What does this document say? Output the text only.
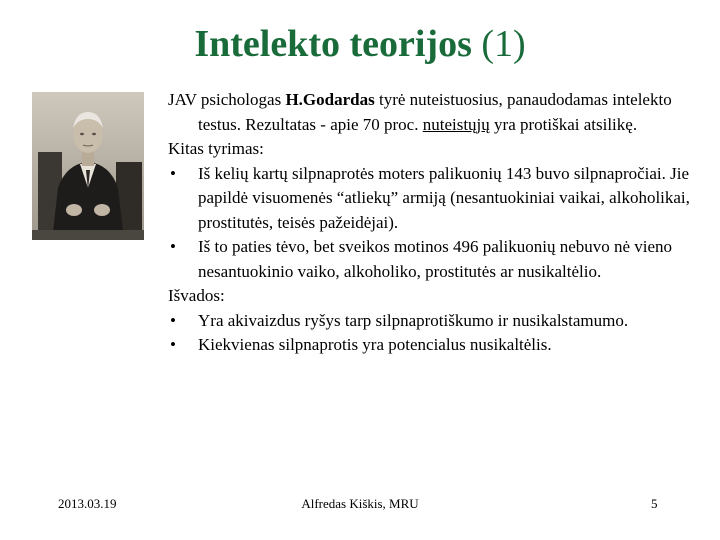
Intelekto teorijos (1)

JAV psichologas H.Godardas tyrė nuteistuosius, panaudodamas intelekto testus. Rezultatas - apie 70 proc. nuteistųjų yra protiškai atsilikę.

Kitas tyrimas:

•	Iš kelių kartų silpnaprotės moters palikuonių 143 buvo silpnapročiai. Jie papildė visuomenės “atliekų” armiją (nesantuokiniai vaikai, alkoholikai, prostitutės, teisės pažeidėjai).

•	Iš to paties tėvo, bet sveikos motinos 496 palikuonių nebuvo nė vieno nesantuokinio vaiko, alkoholiko, prostitutės ar nusikaltėlio.

Išvados:

•	Yra akivaizdus ryšys tarp silpnaprotiškumo ir nusikalstamumo.

•	Kiekvienas silpnaprotis yra potencialus nusikaltėlis.

2013.03.19	Alfredas Kiškis, MRU	5
